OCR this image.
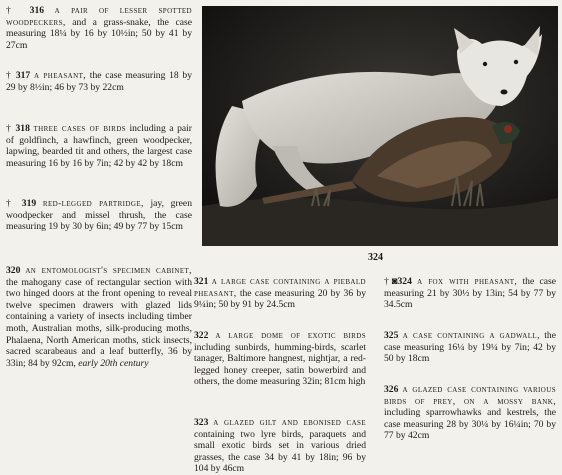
† 316 a pair of lesser spotted woodpeckers, and a grass-snake, the case measuring 18¼ by 16 by 10½in; 50 by 41 by 27cm
† 317 a pheasant, the case measuring 18 by 29 by 8½in; 46 by 73 by 22cm
† 318 three cases of birds including a pair of goldfinch, a hawfinch, green woodpecker, lapwing, bearded tit and others, the largest case measuring 16 by 16 by 7in; 42 by 42 by 18cm
† 319 red-legged partridge, jay, green woodpecker and missel thrush, the case measuring 19 by 30 by 6in; 49 by 77 by 15cm
320 an entomologist's specimen cabinet, the mahogany case of rectangular section with two hinged doors at the front opening to reveal twelve specimen drawers with glazed lids containing a variety of insects including timber moth, Australian moths, silk-producing moths, Phalaena, North American moths, stick insects, sacred scarabeaus and a leaf butterfly, 36 by 33in; 84 by 92cm, early 20th century
324
321 a large case containing a piebald pheasant, the case measuring 20 by 36 by 9¼in; 50 by 91 by 24.5cm
322 a large dome of exotic birds including sunbirds, humming-birds, scarlet tanager, Baltimore hangnest, nightjar, a red-legged honey creeper, satin bowerbird and others, the dome measuring 32in; 81cm high
323 a glazed gilt and ebonised case containing two lyre birds, paraquets and small exotic birds set in various dried grasses, the case 34 by 41 by 18in; 96 by 104 by 46cm
†◙324 a fox with pheasant, the case measuring 21 by 30½ by 13in; 54 by 77 by 34.5cm
325 a case containing a gadwall, the case measuring 16¼ by 19¼ by 7in; 42 by 50 by 18cm
326 a glazed case containing various birds of prey, on a mossy bank, including sparrowhawks and kestrels, the case measuring 28 by 30¼ by 16¼in; 70 by 77 by 42cm
